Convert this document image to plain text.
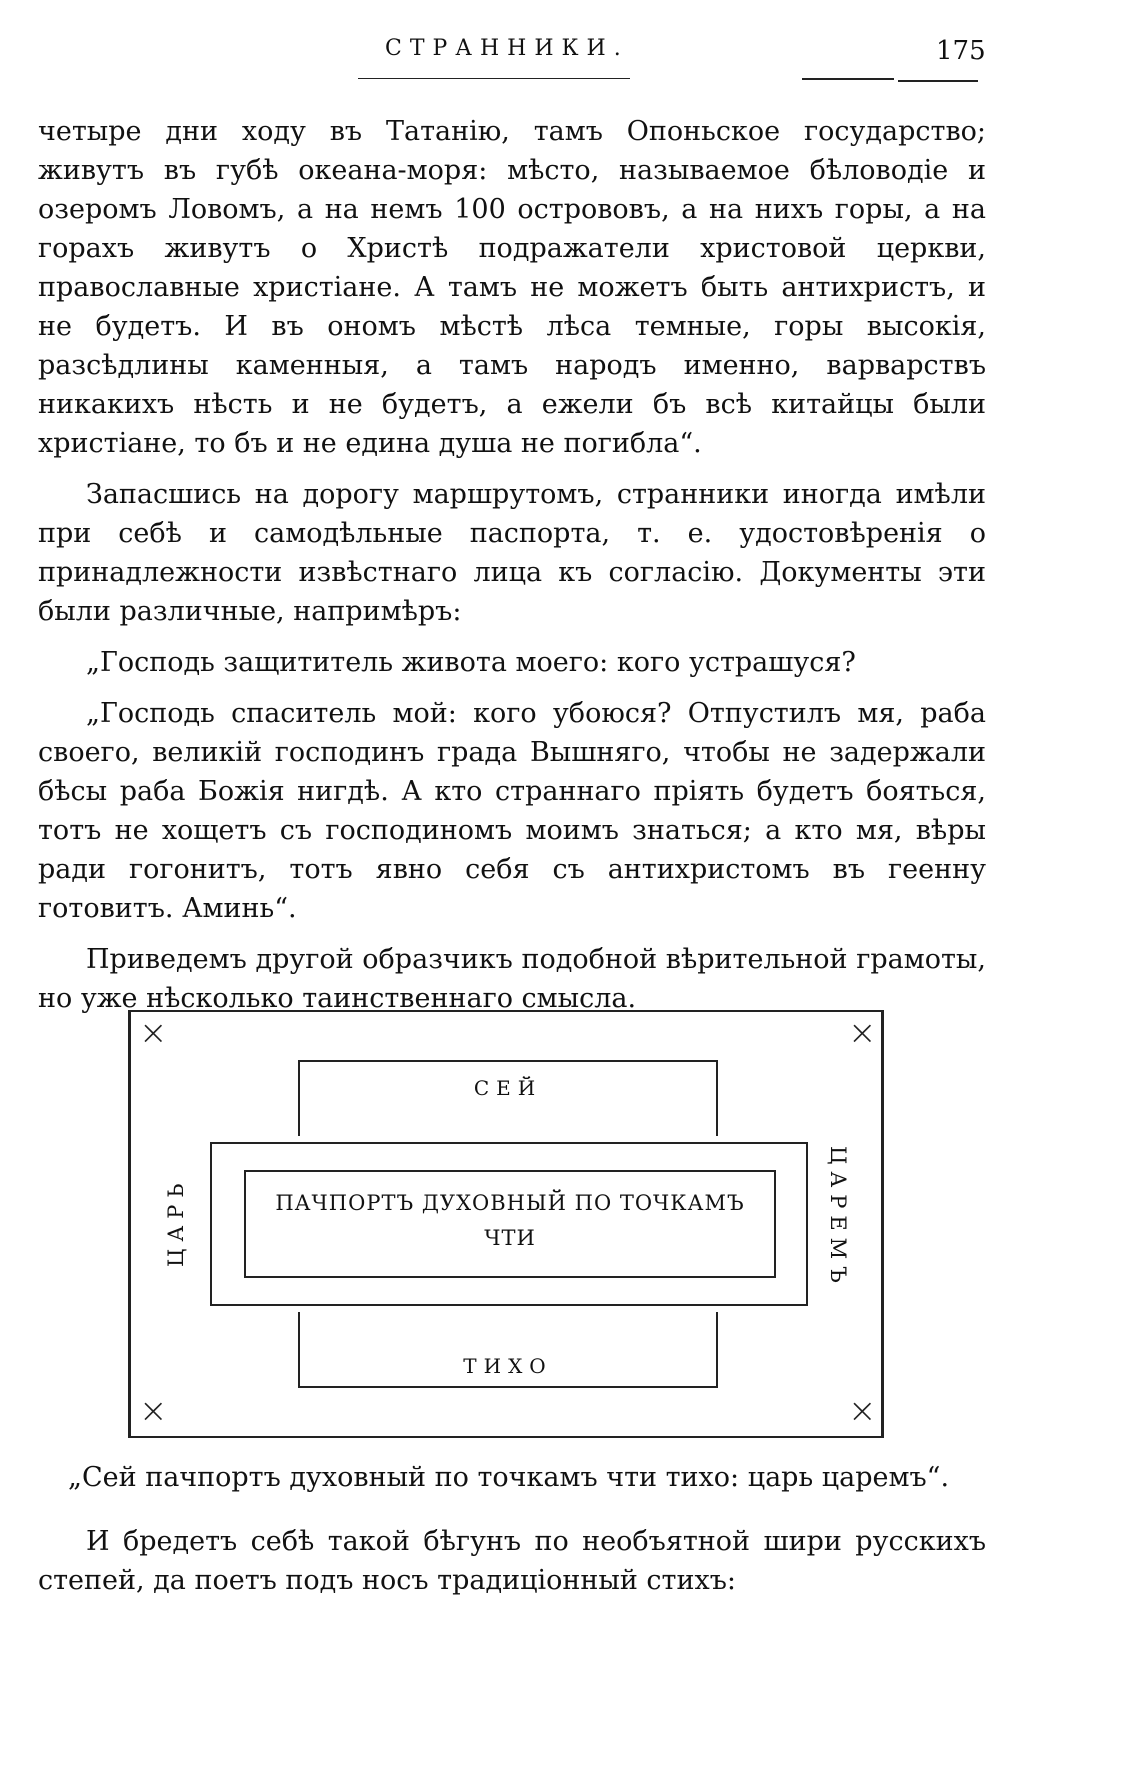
СТРАННИКИ.	175

четыре дни ходу въ Татанію, тамъ Опоньское государство; живутъ въ губѣ океана-моря: мѣсто, называемое бѣловодіе и озеромъ Ловомъ, а на немъ 100 острововъ, а на нихъ горы, а на горахъ живутъ о Христѣ подражатели христовой церкви, православные христіане. А тамъ не можетъ быть антихристъ, и не будетъ. И въ ономъ мѣстѣ лѣса темные, горы высокія, разсѣдлины каменныя, а тамъ народъ именно, варварствъ никакихъ нѣсть и не будетъ, а ежели бъ всѣ китайцы были христіане, то бъ и не едина душа не погибла“.

Запасшись на дорогу маршрутомъ, странники иногда имѣли при себѣ и самодѣльные паспорта, т. е. удостовѣренія о принадлежности извѣстнаго лица къ согласію. Документы эти были различные, напримѣръ:

„Господь защититель живота моего: кого устрашуся?

„Господь спаситель мой: кого убоюся? Отпустилъ мя, раба своего, великій господинъ града Вышняго, чтобы не задержали бѣсы раба Божія нигдѣ. А кто страннаго пріять будетъ бояться, тотъ не хощетъ съ господиномъ моимъ знаться; а кто мя, вѣры ради гогонитъ, тотъ явно себя съ антихристомъ въ геенну готовитъ. Аминь“.

Приведемъ другой образчикъ подобной вѣрительной грамоты, но уже нѣсколько таинственнаго смысла.

×	×
×	×
СЕЙ
ПАЧПОРТЪ ДУХОВНЫЙ ПО ТОЧКАМЪ
ЧТИ
ТИХО
ЦАРЬ	ЦАРЕМЪ
„Сей пачпортъ духовный по точкамъ чти тихо: царь царемъ“.

И бредетъ себѣ такой бѣгунъ по необъятной шири русскихъ степей, да поетъ подъ носъ традиціонный стихъ:
